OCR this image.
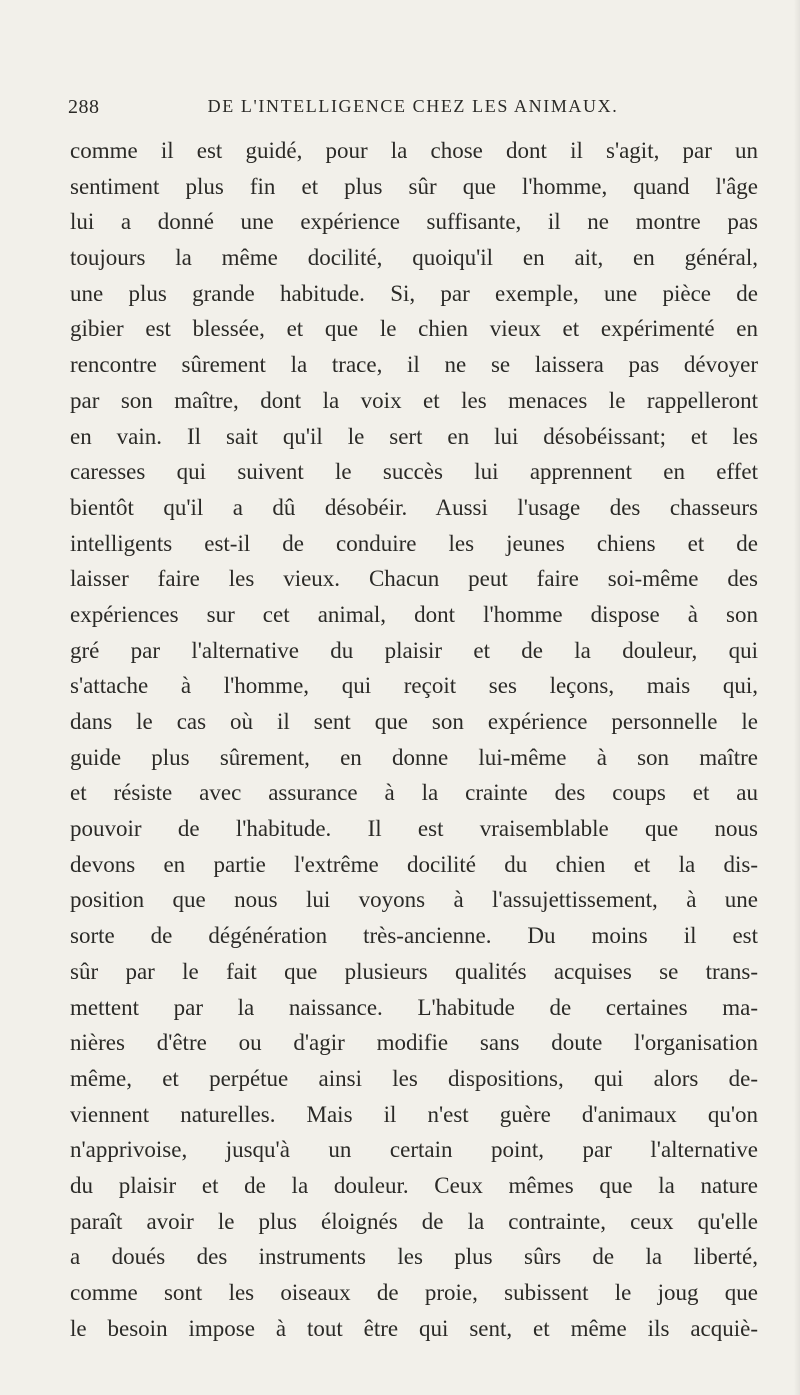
288	DE L'INTELLIGENCE CHEZ LES ANIMAUX.
comme il est guidé, pour la chose dont il s'agit, par un
sentiment plus fin et plus sûr que l'homme, quand l'âge
lui a donné une expérience suffisante, il ne montre pas
toujours la même docilité, quoiqu'il en ait, en général,
une plus grande habitude. Si, par exemple, une pièce de
gibier est blessée, et que le chien vieux et expérimenté en
rencontre sûrement la trace, il ne se laissera pas dévoyer
par son maître, dont la voix et les menaces le rappelleront
en vain. Il sait qu'il le sert en lui désobéissant; et les
caresses qui suivent le succès lui apprennent en effet
bientôt qu'il a dû désobéir. Aussi l'usage des chasseurs
intelligents est-il de conduire les jeunes chiens et de
laisser faire les vieux. Chacun peut faire soi-même des
expériences sur cet animal, dont l'homme dispose à son
gré par l'alternative du plaisir et de la douleur, qui
s'attache à l'homme, qui reçoit ses leçons, mais qui,
dans le cas où il sent que son expérience personnelle le
guide plus sûrement, en donne lui-même à son maître
et résiste avec assurance à la crainte des coups et au
pouvoir de l'habitude. Il est vraisemblable que nous
devons en partie l'extrême docilité du chien et la dis-
position que nous lui voyons à l'assujettissement, à une
sorte de dégénération très-ancienne. Du moins il est
sûr par le fait que plusieurs qualités acquises se trans-
mettent par la naissance. L'habitude de certaines ma-
nières d'être ou d'agir modifie sans doute l'organisation
même, et perpétue ainsi les dispositions, qui alors de-
viennent naturelles. Mais il n'est guère d'animaux qu'on
n'apprivoise, jusqu'à un certain point, par l'alternative
du plaisir et de la douleur. Ceux mêmes que la nature
paraît avoir le plus éloignés de la contrainte, ceux qu'elle
a doués des instruments les plus sûrs de la liberté,
comme sont les oiseaux de proie, subissent le joug que
le besoin impose à tout être qui sent, et même ils acquiè-
